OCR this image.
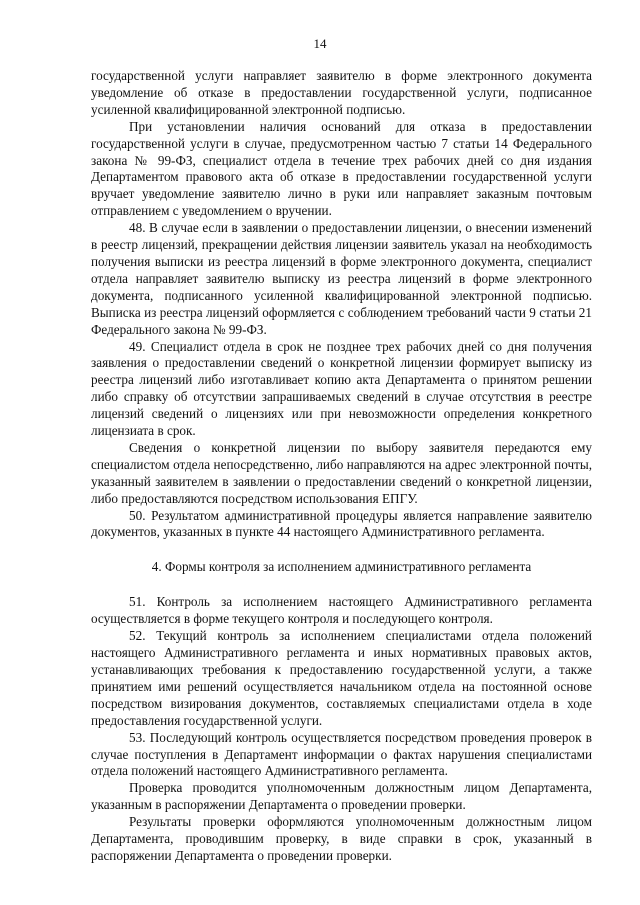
14

государственной услуги направляет заявителю в форме электронного документа уведомление об отказе в предоставлении государственной услуги, подписанное усиленной квалифицированной электронной подписью.

При установлении наличия оснований для отказа в предоставлении государственной услуги в случае, предусмотренном частью 7 статьи 14 Федерального закона № 99-ФЗ, специалист отдела в течение трех рабочих дней со дня издания Департаментом правового акта об отказе в предоставлении государственной услуги вручает уведомление заявителю лично в руки или направляет заказным почтовым отправлением с уведомлением о вручении.

48. В случае если в заявлении о предоставлении лицензии, о внесении изменений в реестр лицензий, прекращении действия лицензии заявитель указал на необходимость получения выписки из реестра лицензий в форме электронного документа, специалист отдела направляет заявителю выписку из реестра лицензий в форме электронного документа, подписанного усиленной квалифицированной электронной подписью. Выписка из реестра лицензий оформляется с соблюдением требований части 9 статьи 21 Федерального закона № 99-ФЗ.

49. Специалист отдела в срок не позднее трех рабочих дней со дня получения заявления о предоставлении сведений о конкретной лицензии формирует выписку из реестра лицензий либо изготавливает копию акта Департамента о принятом решении либо справку об отсутствии запрашиваемых сведений в случае отсутствия в реестре лицензий сведений о лицензиях или при невозможности определения конкретного лицензиата в срок.

Сведения о конкретной лицензии по выбору заявителя передаются ему специалистом отдела непосредственно, либо направляются на адрес электронной почты, указанный заявителем в заявлении о предоставлении сведений о конкретной лицензии, либо предоставляются посредством использования ЕПГУ.

50. Результатом административной процедуры является направление заявителю документов, указанных в пункте 44 настоящего Административного регламента.

4. Формы контроля за исполнением административного регламента

51. Контроль за исполнением настоящего Административного регламента осуществляется в форме текущего контроля и последующего контроля.

52. Текущий контроль за исполнением специалистами отдела положений настоящего Административного регламента и иных нормативных правовых актов, устанавливающих требования к предоставлению государственной услуги, а также принятием ими решений осуществляется начальником отдела на постоянной основе посредством визирования документов, составляемых специалистами отдела в ходе предоставления государственной услуги.

53. Последующий контроль осуществляется посредством проведения проверок в случае поступления в Департамент информации о фактах нарушения специалистами отдела положений настоящего Административного регламента.

Проверка проводится уполномоченным должностным лицом Департамента, указанным в распоряжении Департамента о проведении проверки.

Результаты проверки оформляются уполномоченным должностным лицом Департамента, проводившим проверку, в виде справки в срок, указанный в распоряжении Департамента о проведении проверки.
